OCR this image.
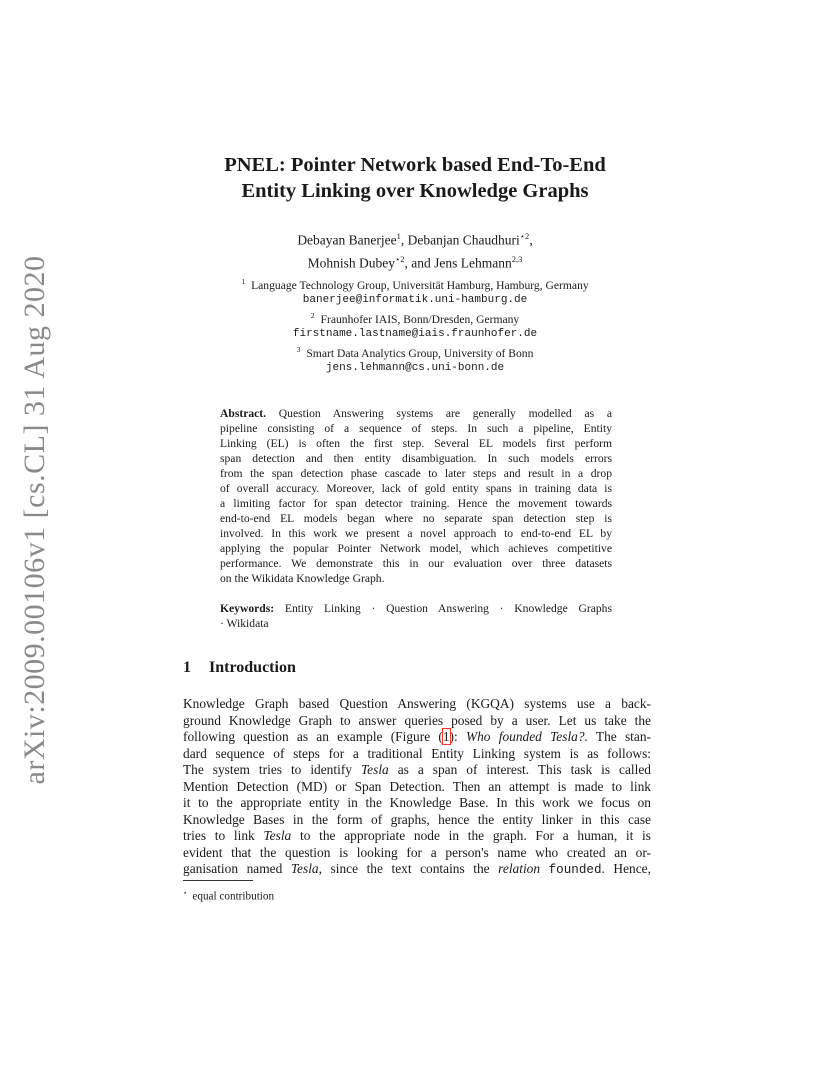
arXiv:2009.00106v1 [cs.CL] 31 Aug 2020
PNEL: Pointer Network based End-To-End
Entity Linking over Knowledge Graphs
Debayan Banerjee$^1$, Debanjan Chaudhuri$^{⋆2}$,
Mohnish Dubey$^{⋆2}$, and Jens Lehmann$^{2,3}$
$^1$ Language Technology Group, Universität Hamburg, Hamburg, Germany
banerjee@informatik.uni-hamburg.de
$^2$ Fraunhofer IAIS, Bonn/Dresden, Germany
firstname.lastname@iais.fraunhofer.de
$^3$ Smart Data Analytics Group, University of Bonn
jens.lehmann@cs.uni-bonn.de
Abstract. Question Answering systems are generally modelled as a
pipeline consisting of a sequence of steps. In such a pipeline, Entity
Linking (EL) is often the first step. Several EL models first perform
span detection and then entity disambiguation. In such models errors
from the span detection phase cascade to later steps and result in a drop
of overall accuracy. Moreover, lack of gold entity spans in training data is
a limiting factor for span detector training. Hence the movement towards
end-to-end EL models began where no separate span detection step is
involved. In this work we present a novel approach to end-to-end EL by
applying the popular Pointer Network model, which achieves competitive
performance. We demonstrate this in our evaluation over three datasets
on the Wikidata Knowledge Graph.
Keywords: Entity Linking · Question Answering · Knowledge Graphs
· Wikidata
1 Introduction
Knowledge Graph based Question Answering (KGQA) systems use a back-
ground Knowledge Graph to answer queries posed by a user. Let us take the
following question as an example (Figure (1): Who founded Tesla?. The stan-
dard sequence of steps for a traditional Entity Linking system is as follows:
The system tries to identify Tesla as a span of interest. This task is called
Mention Detection (MD) or Span Detection. Then an attempt is made to link
it to the appropriate entity in the Knowledge Base. In this work we focus on
Knowledge Bases in the form of graphs, hence the entity linker in this case
tries to link Tesla to the appropriate node in the graph. For a human, it is
evident that the question is looking for a person's name who created an or-
ganisation named Tesla, since the text contains the relation founded. Hence,
⋆ equal contribution
